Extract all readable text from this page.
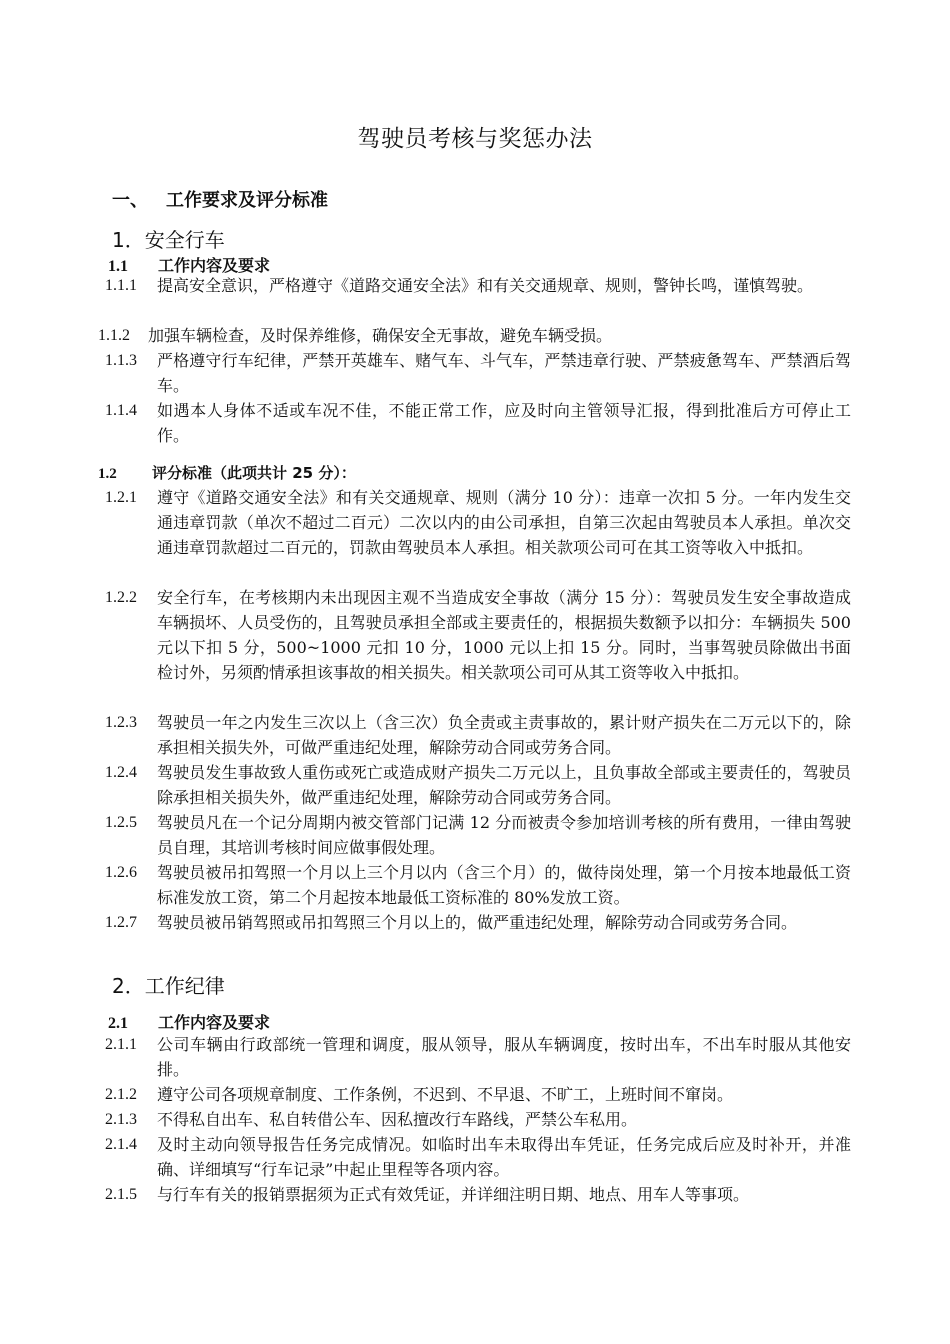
驾驶员考核与奖惩办法
一、 工作要求及评分标准
1．安全行车
1.1 工作内容及要求
1.1.1 提高安全意识，严格遵守《道路交通安全法》和有关交通规章、规则，警钟长鸣，谨慎驾驶。
1.1.2 加强车辆检查，及时保养维修，确保安全无事故，避免车辆受损。
1.1.3 严格遵守行车纪律，严禁开英雄车、赌气车、斗气车，严禁违章行驶、严禁疲惫驾车、严禁酒后驾车。
1.1.4 如遇本人身体不适或车况不佳，不能正常工作，应及时向主管领导汇报，得到批准后方可停止工作。
1.2 评分标准（此项共计 25 分）：
1.2.1 遵守《道路交通安全法》和有关交通规章、规则（满分 10 分）：违章一次扣 5 分。一年内发生交通违章罚款（单次不超过二百元）二次以内的由公司承担，自第三次起由驾驶员本人承担。单次交通违章罚款超过二百元的，罚款由驾驶员本人承担。相关款项公司可在其工资等收入中抵扣。
1.2.2 安全行车，在考核期内未出现因主观不当造成安全事故（满分 15 分）：驾驶员发生安全事故造成车辆损坏、人员受伤的，且驾驶员承担全部或主要责任的，根据损失数额予以扣分：车辆损失 500 元以下扣 5 分，500~1000 元扣 10 分，1000 元以上扣 15 分。同时，当事驾驶员除做出书面检讨外，另须酌情承担该事故的相关损失。相关款项公司可从其工资等收入中抵扣。
1.2.3 驾驶员一年之内发生三次以上（含三次）负全责或主责事故的，累计财产损失在二万元以下的，除承担相关损失外，可做严重违纪处理，解除劳动合同或劳务合同。
1.2.4 驾驶员发生事故致人重伤或死亡或造成财产损失二万元以上，且负事故全部或主要责任的，驾驶员除承担相关损失外，做严重违纪处理，解除劳动合同或劳务合同。
1.2.5 驾驶员凡在一个记分周期内被交管部门记满 12 分而被责令参加培训考核的所有费用，一律由驾驶员自理，其培训考核时间应做事假处理。
1.2.6 驾驶员被吊扣驾照一个月以上三个月以内（含三个月）的，做待岗处理，第一个月按本地最低工资标准发放工资，第二个月起按本地最低工资标准的 80%发放工资。
1.2.7 驾驶员被吊销驾照或吊扣驾照三个月以上的，做严重违纪处理，解除劳动合同或劳务合同。
2．工作纪律
2.1 工作内容及要求
2.1.1 公司车辆由行政部统一管理和调度，服从领导，服从车辆调度，按时出车，不出车时服从其他安排。
2.1.2 遵守公司各项规章制度、工作条例，不迟到、不早退、不旷工，上班时间不窜岗。
2.1.3 不得私自出车、私自转借公车、因私擅改行车路线，严禁公车私用。
2.1.4 及时主动向领导报告任务完成情况。如临时出车未取得出车凭证，任务完成后应及时补开，并准确、详细填写“行车记录”中起止里程等各项内容。
2.1.5 与行车有关的报销票据须为正式有效凭证，并详细注明日期、地点、用车人等事项。
